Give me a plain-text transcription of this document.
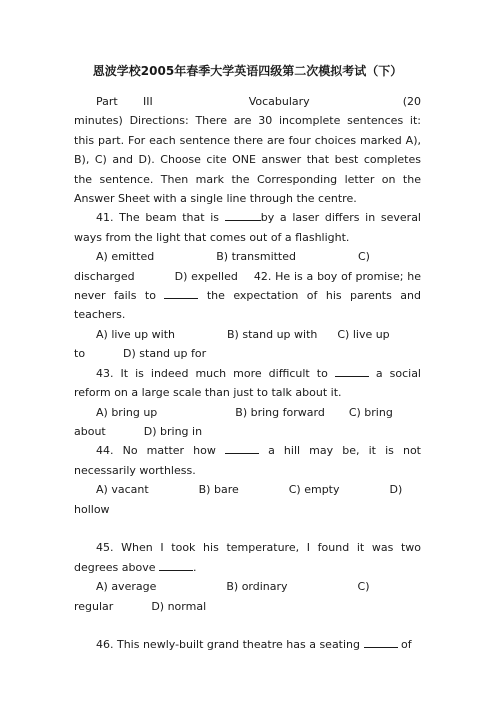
恩波学校2005年春季大学英语四级第二次模拟考试（下）

Part III	Vocabulary	(20 minutes) Directions: There are 30 incomplete sentences it: this part. For each sentence there are four choices marked A), B), C) and D). Choose cite ONE answer that best completes the sentence. Then mark the Corresponding letter on the Answer Sheet with a single line through the centre.

41. The beam that is	by a laser differs in several ways from the light that comes out of a flashlight.

A) emitted	B) transmitted	C)

discharged	D) expelled 42. He is a boy of promise; he never fails to	the expectation of his parents and teachers.

A) live up with	B) stand up with C) live up

to	D) stand up for

43. It is indeed much more difficult to	a social reform on a large scale than just to talk about it.

A) bring up	B) bring forward C) bring

about	D) bring in

44. No matter how	a hill may be, it is not necessarily worthless.

A) vacant	B) bare	C) empty	D)

hollow

45. When I took his temperature, I found it was two degrees above	.

A) average	B) ordinary	C)

regular	D) normal

46. This newly-built grand theatre has a seating	of
